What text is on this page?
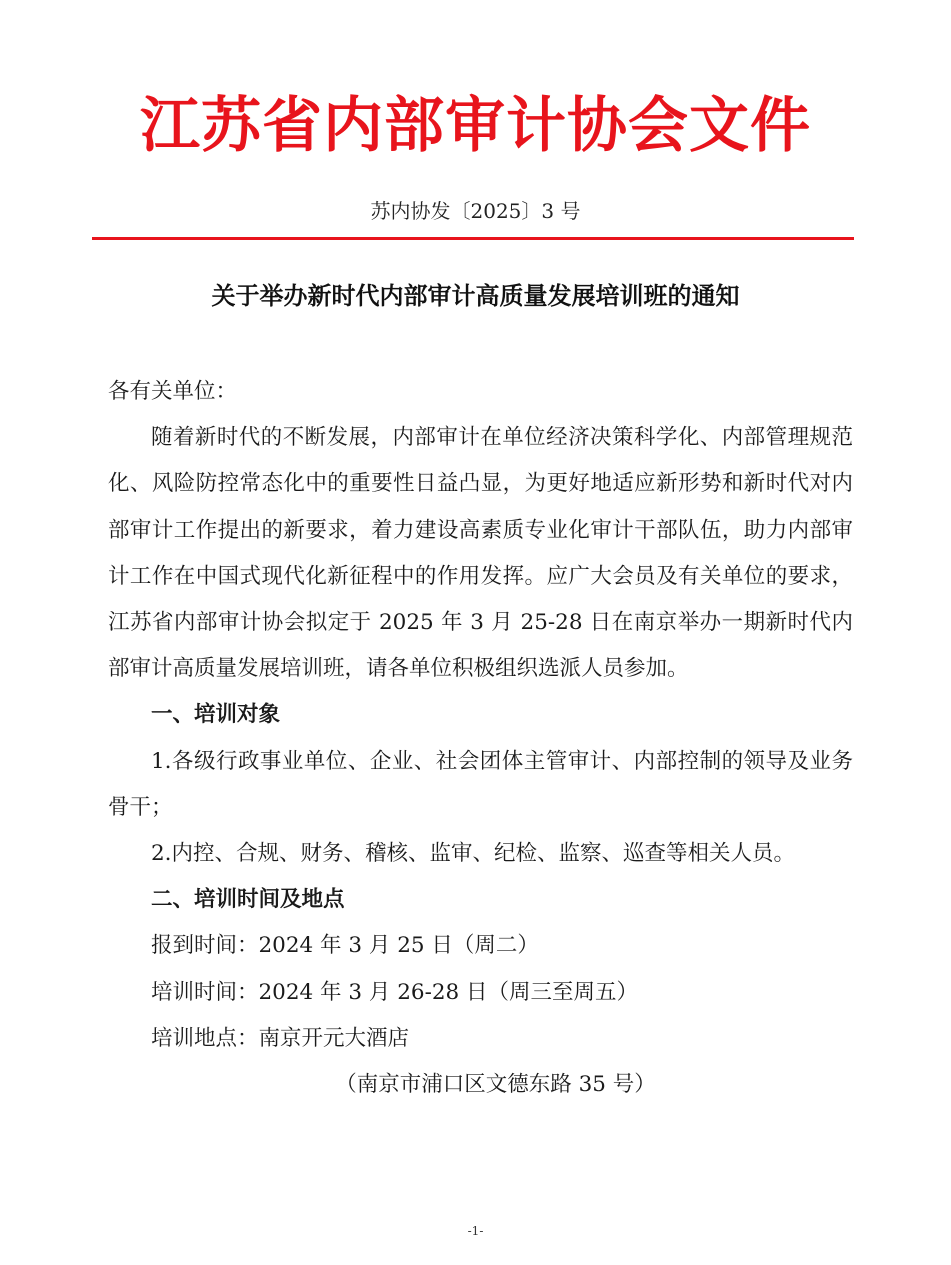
江苏省内部审计协会文件
苏内协发〔2025〕3 号
关于举办新时代内部审计高质量发展培训班的通知

各有关单位：

随着新时代的不断发展，内部审计在单位经济决策科学化、内部管理规范化、风险防控常态化中的重要性日益凸显，为更好地适应新形势和新时代对内部审计工作提出的新要求，着力建设高素质专业化审计干部队伍，助力内部审计工作在中国式现代化新征程中的作用发挥。应广大会员及有关单位的要求，江苏省内部审计协会拟定于 2025 年 3 月 25-28 日在南京举办一期新时代内部审计高质量发展培训班，请各单位积极组织选派人员参加。

一、培训对象

1.各级行政事业单位、企业、社会团体主管审计、内部控制的领导及业务骨干；

2.内控、合规、财务、稽核、监审、纪检、监察、巡查等相关人员。

二、培训时间及地点

报到时间：2024 年 3 月 25 日（周二）

培训时间：2024 年 3 月 26-28 日（周三至周五）

培训地点：南京开元大酒店

（南京市浦口区文德东路 35 号）

-1-
